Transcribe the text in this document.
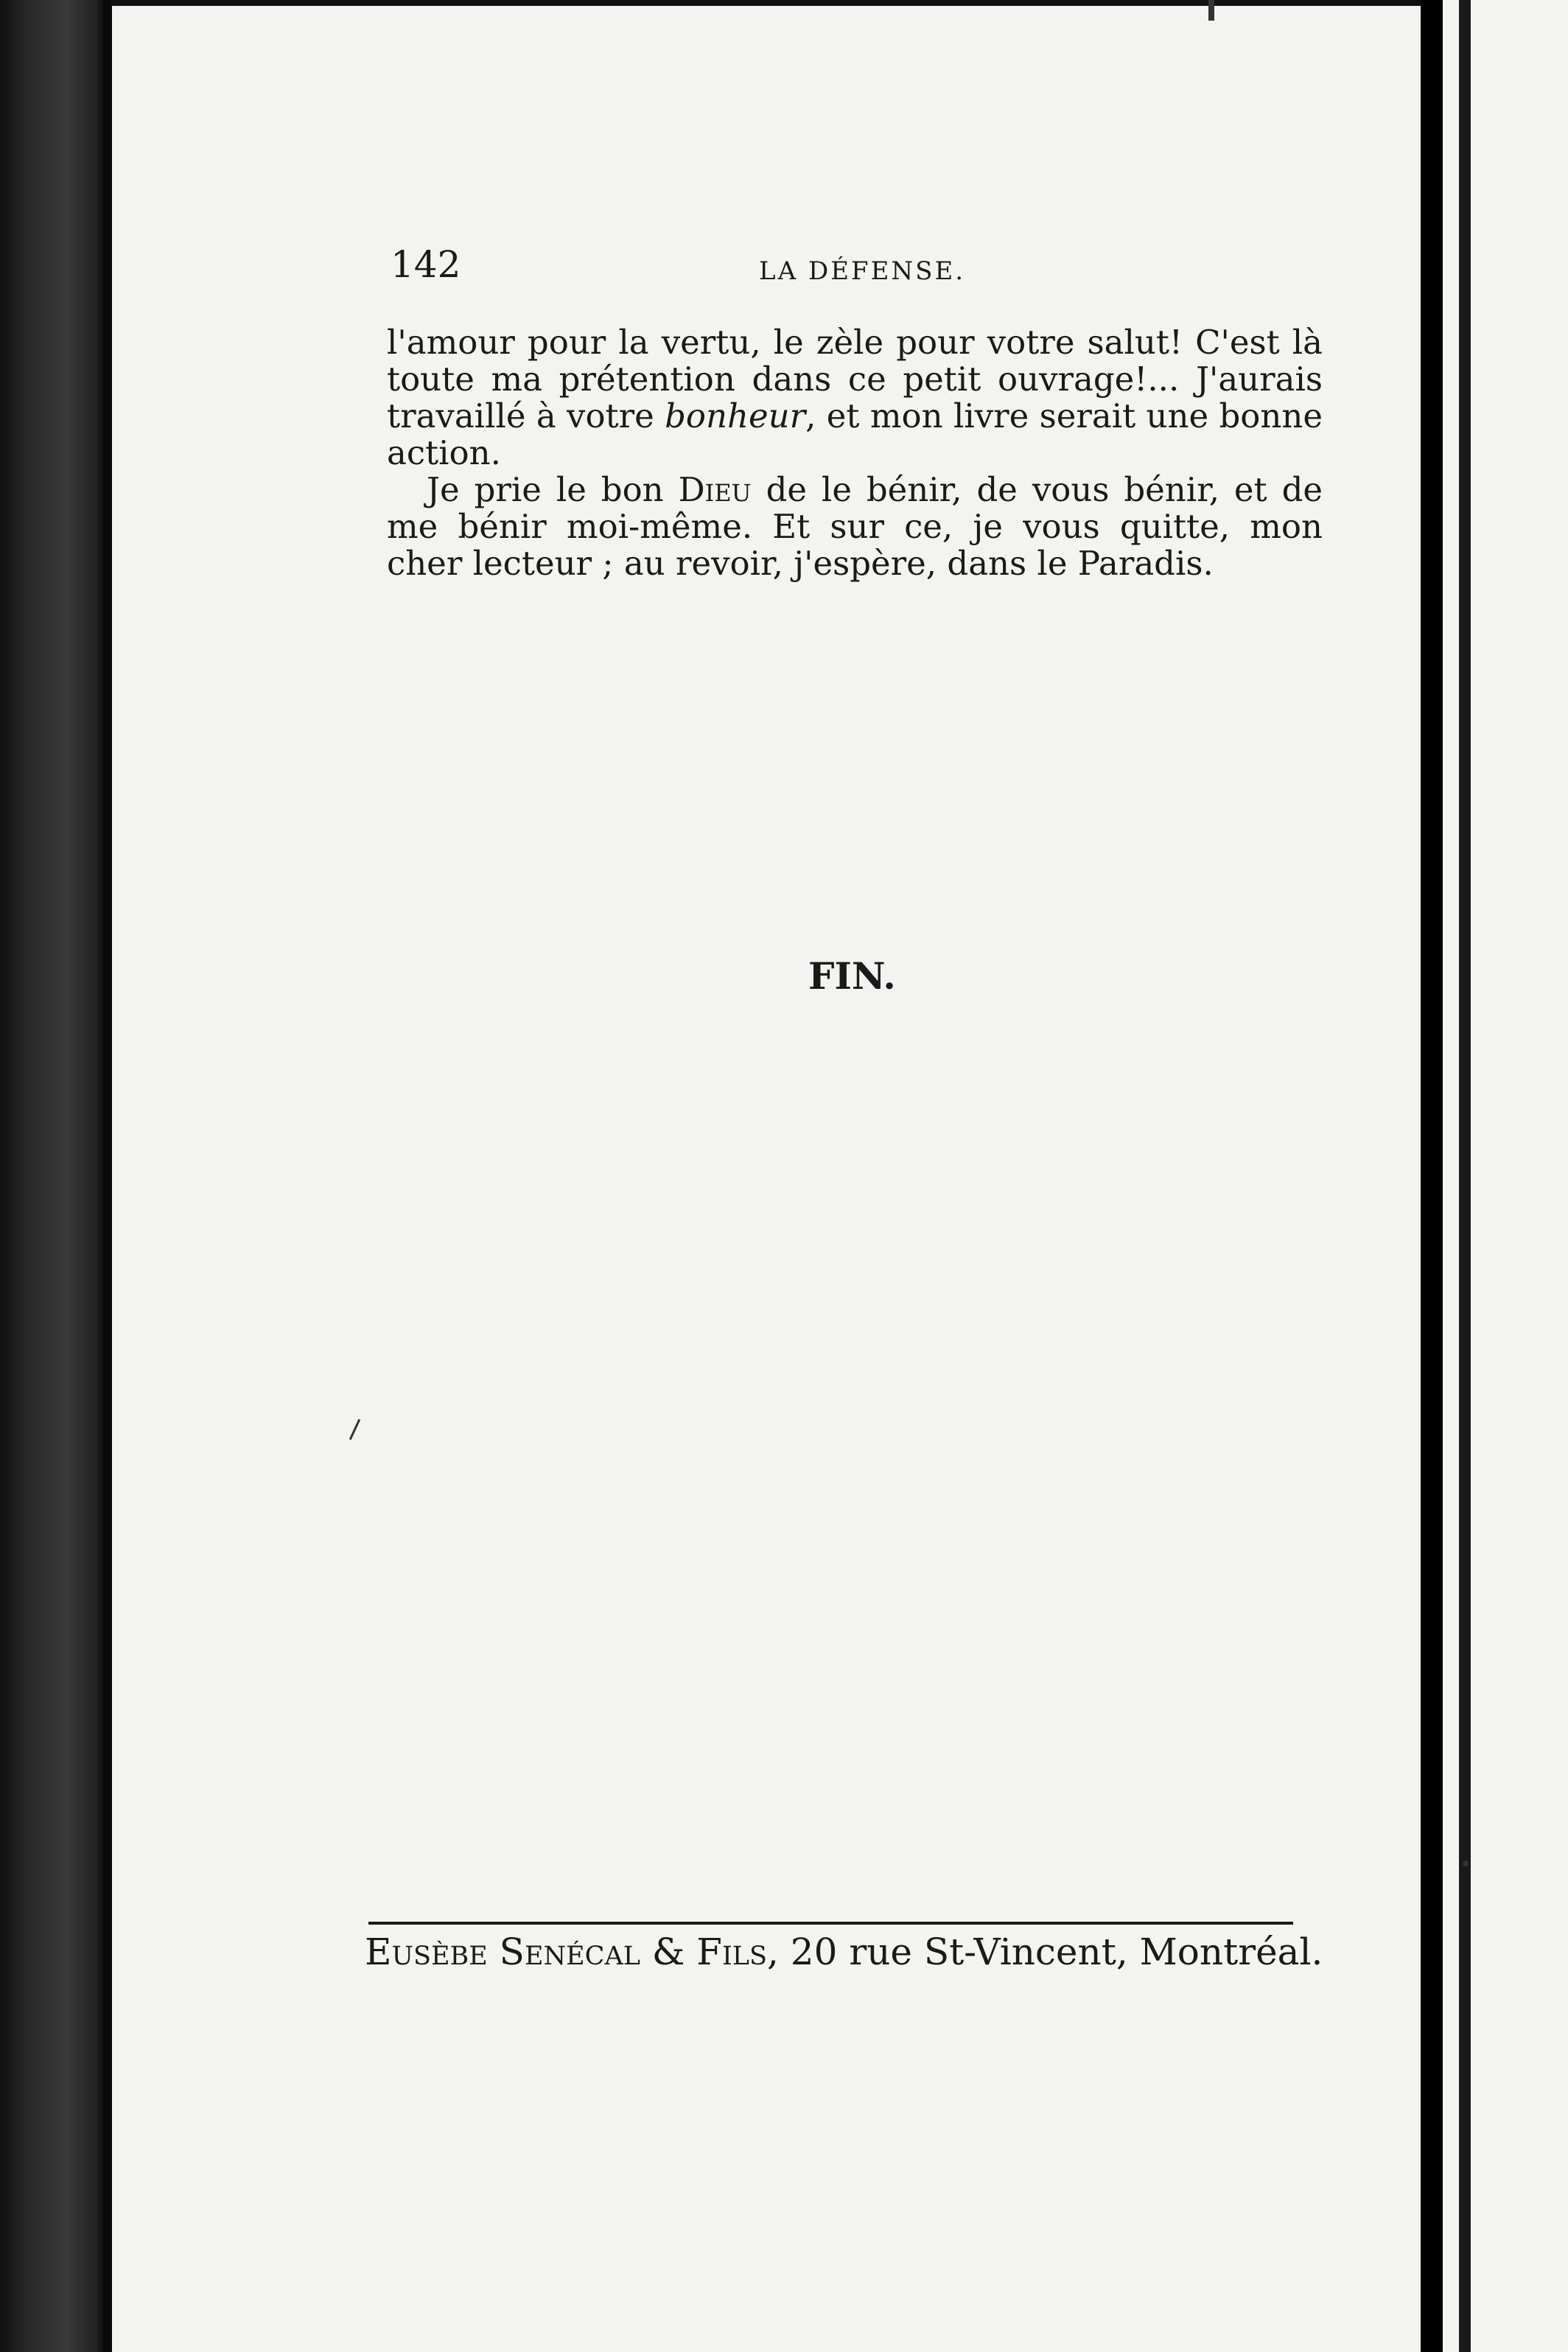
142	LA DÉFENSE.

l'amour pour la vertu, le zèle pour votre salut! C'est là toute ma prétention dans ce petit ouvrage!... J'aurais travaillé à votre bonheur, et mon livre serait une bonne action.

Je prie le bon Dieu de le bénir, de vous bénir, et de me bénir moi-même. Et sur ce, je vous quitte, mon cher lecteur ; au revoir, j'espère, dans le Paradis.

FIN.
Eusèbe Senécal & Fils, 20 rue St-Vincent, Montréal.
